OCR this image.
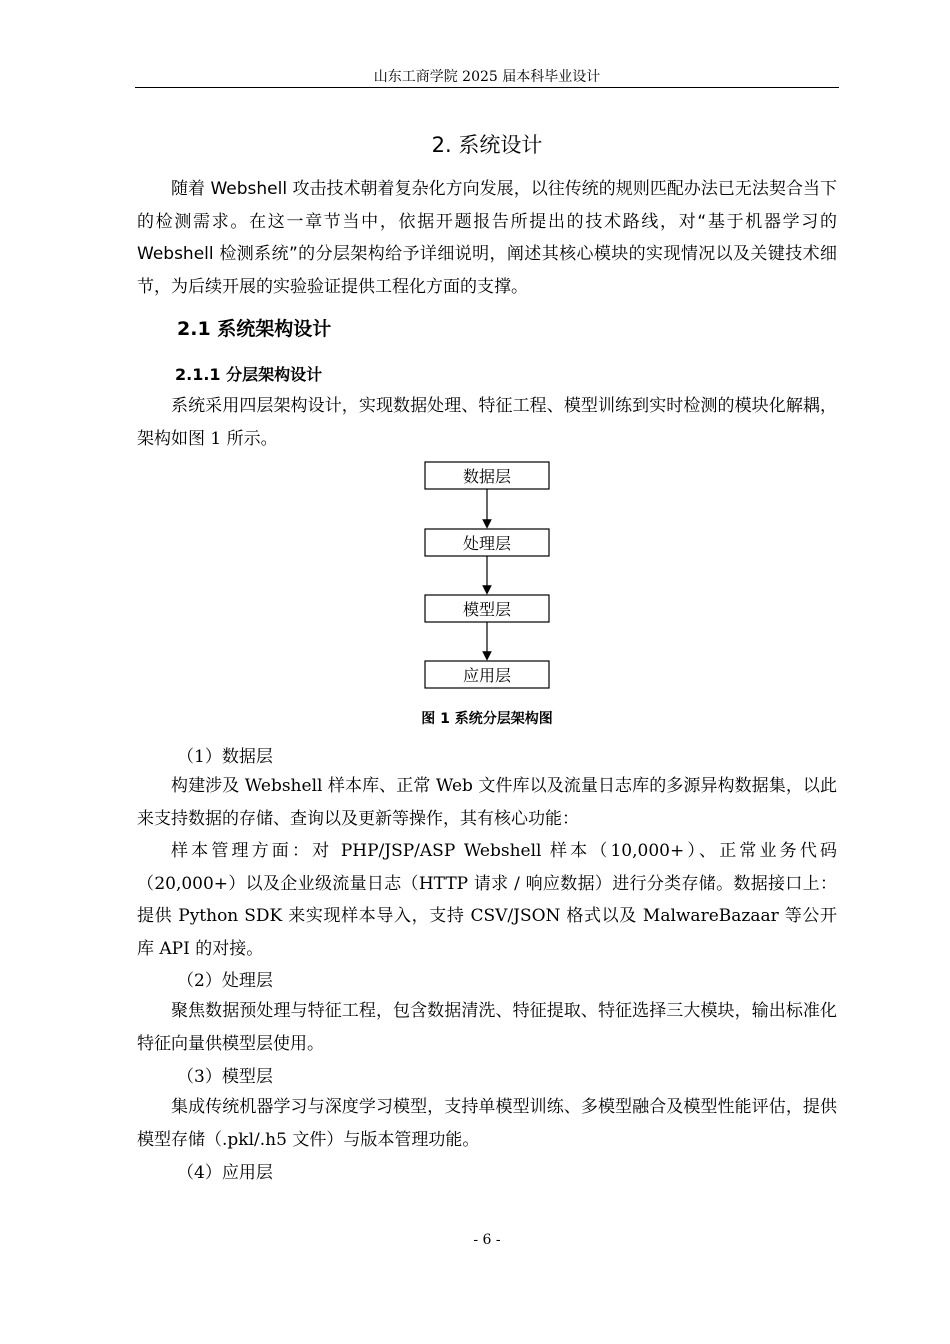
山东工商学院 2025 届本科毕业设计
2. 系统设计

随着 Webshell 攻击技术朝着复杂化方向发展，以往传统的规则匹配办法已无法契合当下的检测需求。在这一章节当中，依据开题报告所提出的技术路线，对“基于机器学习的 Webshell 检测系统”的分层架构给予详细说明，阐述其核心模块的实现情况以及关键技术细节，为后续开展的实验验证提供工程化方面的支撑。

2.1 系统架构设计
2.1.1 分层架构设计

系统采用四层架构设计，实现数据处理、特征工程、模型训练到实时检测的模块化解耦，架构如图 1 所示。

数据层
处理层
模型层
应用层
图 1 系统分层架构图
（1）数据层

构建涉及 Webshell 样本库、正常 Web 文件库以及流量日志库的多源异构数据集，以此来支持数据的存储、查询以及更新等操作，其有核心功能：

样本管理方面：对 PHP/JSP/ASP Webshell 样本（10,000+）、正常业务代码（20,000+）以及企业级流量日志（HTTP 请求 / 响应数据）进行分类存储。数据接口上：提供 Python SDK 来实现样本导入，支持 CSV/JSON 格式以及 MalwareBazaar 等公开库 API 的对接。

（2）处理层

聚焦数据预处理与特征工程，包含数据清洗、特征提取、特征选择三大模块，输出标准化特征向量供模型层使用。

（3）模型层

集成传统机器学习与深度学习模型，支持单模型训练、多模型融合及模型性能评估，提供模型存储（.pkl/.h5 文件）与版本管理功能。

（4）应用层
- 6 -
